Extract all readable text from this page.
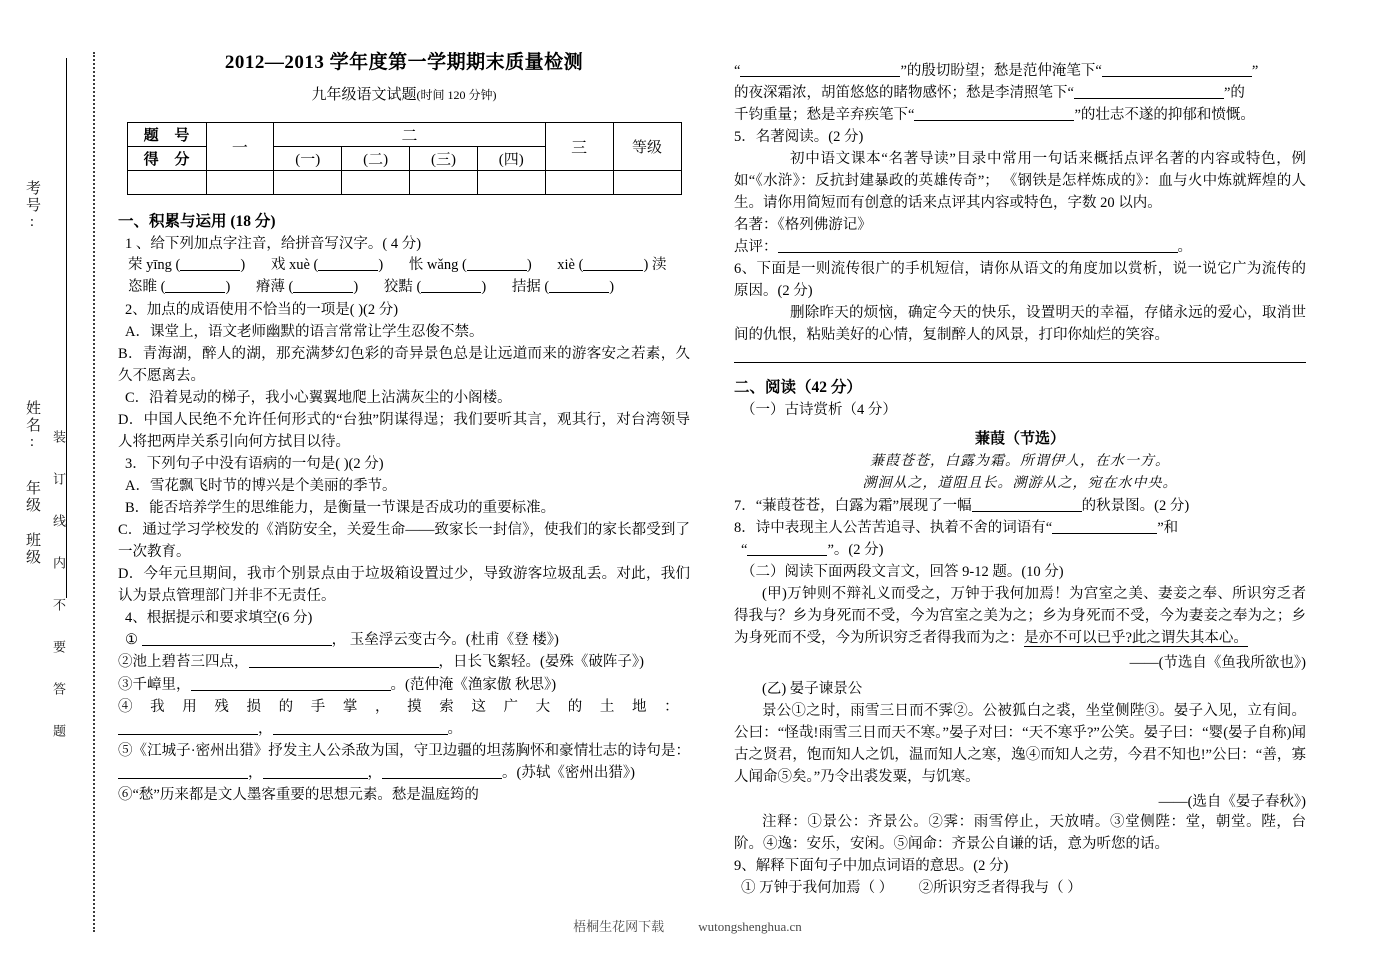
考号:
姓名:
年级 班级 装 订 线 内 不 要 答 题
2012—2013 学年度第一学期期末质量检测
九年级语文试题(时间 120 分钟)
题 号	一	二				三	等级
得 分		(一)	(二)	(三)	(四)		

一、积累与运用 (18 分)

1 、给下列加点字注音，给拼音写汉字。( 4 分)

荣 yīng (	) 戏 xuè (	) 怅 wǎng (	) xiè (	) 渎
恣睢 (	) 瘠薄 (	) 狡黠 (	) 拮据 (	)

2、加点的成语使用不恰当的一项是( )(2 分)

A．课堂上，语文老师幽默的语言常常让学生忍俊不禁。

B．青海湖，醉人的湖，那充满梦幻色彩的奇异景色总是让远道而来的游客安之若素，久久不愿离去。

C．沿着晃动的梯子，我小心翼翼地爬上沾满灰尘的小阁楼。

D．中国人民绝不允许任何形式的“台独”阴谋得逞；我们要听其言，观其行，对台湾领导人将把两岸关系引向何方拭目以待。

3．下列句子中没有语病的一句是( )(2 分)

A．雪花飘飞时节的博兴是个美丽的季节。

B．能否培养学生的思维能力，是衡量一节课是否成功的重要标准。

C．通过学习学校发的《消防安全，关爱生命——致家长一封信》，使我们的家长都受到了一次教育。

D．今年元旦期间，我市个别景点由于垃圾箱设置过少，导致游客垃圾乱丢。对此，我们认为景点管理部门并非不无责任。

4、根据提示和要求填空(6 分)

①	， 玉垒浮云变古今。(杜甫《登 楼》)

②池上碧苔三四点，	，日长飞絮轻。(晏殊《破阵子》)

③千嶂里，	。(范仲淹《渔家傲 秋思》)

④ 我 用 残 损 的 手 掌 ， 摸 索 这 广 大 的 土 地 ：

，	。

⑤《江城子·密州出猎》抒发主人公杀敌为国，守卫边疆的坦荡胸怀和豪情壮志的诗句是：，	，	。(苏轼《密州出猎》)

⑥“愁”历来都是文人墨客重要的思想元素。愁是温庭筠的

“	”的殷切盼望；愁是范仲淹笔下“	”

的夜深霜浓，胡笛悠悠的睹物感怀；愁是李清照笔下“	”的

千钧重量；愁是辛弃疾笔下“	”的壮志不遂的抑郁和愤慨。

5．名著阅读。(2 分)

初中语文课本“名著导读”目录中常用一句话来概括点评名著的内容或特色，例如“《水浒》：反抗封建暴政的英雄传奇”； 《钢铁是怎样炼成的》：血与火中炼就辉煌的人生。请你用简短而有创意的话来点评其内容或特色，字数 20 以内。

名著：《格列佛游记》

点评：	。

6、下面是一则流传很广的手机短信，请你从语文的角度加以赏析，说一说它广为流传的原因。(2 分)

删除昨天的烦恼，确定今天的快乐，设置明天的幸福，存储永远的爱心，取消世间的仇恨，粘贴美好的心情，复制醉人的风景，打印你灿烂的笑容。

二、阅读（42 分）

（一）古诗赏析（4 分）

蒹葭（节选）
蒹葭苍苍，白露为霜。所谓伊人，在水一方。
溯洄从之，道阻且长。溯游从之，宛在水中央。

7．“蒹葭苍苍，白露为霜”展现了一幅	的秋景图。(2 分)

8．诗中表现主人公苦苦追寻、执着不舍的词语有“	”和

“	”。(2 分)

（二）阅读下面两段文言文，回答 9-12 题。(10 分)

(甲)万钟则不辩礼义而受之，万钟于我何加焉！为宫室之美、妻妾之奉、所识穷乏者得我与？乡为身死而不受，今为宫室之美为之；乡为身死而不受，今为妻妾之奉为之；乡为身死而不受，今为所识穷乏者得我而为之：是亦不可以已乎?此之谓失其本心。

——(节选自《鱼我所欲也》)

(乙) 晏子谏景公

景公①之时，雨雪三日而不霁②。公被狐白之裘，坐堂侧陛③。晏子入见，立有间。公曰：“怪哉!雨雪三日而天不寒。”晏子对曰：“天不寒乎?”公笑。晏子曰：“婴(晏子自称)闻古之贤君，饱而知人之饥，温而知人之寒，逸④而知人之劳，今君不知也!”公曰：“善，寡人闻命⑤矣。”乃令出裘发粟，与饥寒。

——(选自《晏子春秋》)

注释：①景公：齐景公。②霁：雨雪停止，天放晴。③堂侧陛：堂，朝堂。陛，台阶。④逸：安乐，安闲。⑤闻命：齐景公自谦的话，意为听您的话。

9、解释下面句子中加点词语的意思。(2 分)

① 万钟于我何加焉（ ） ②所识穷乏者得我与（ ）

梧桐生花网下载	wutongshenghua.cn
